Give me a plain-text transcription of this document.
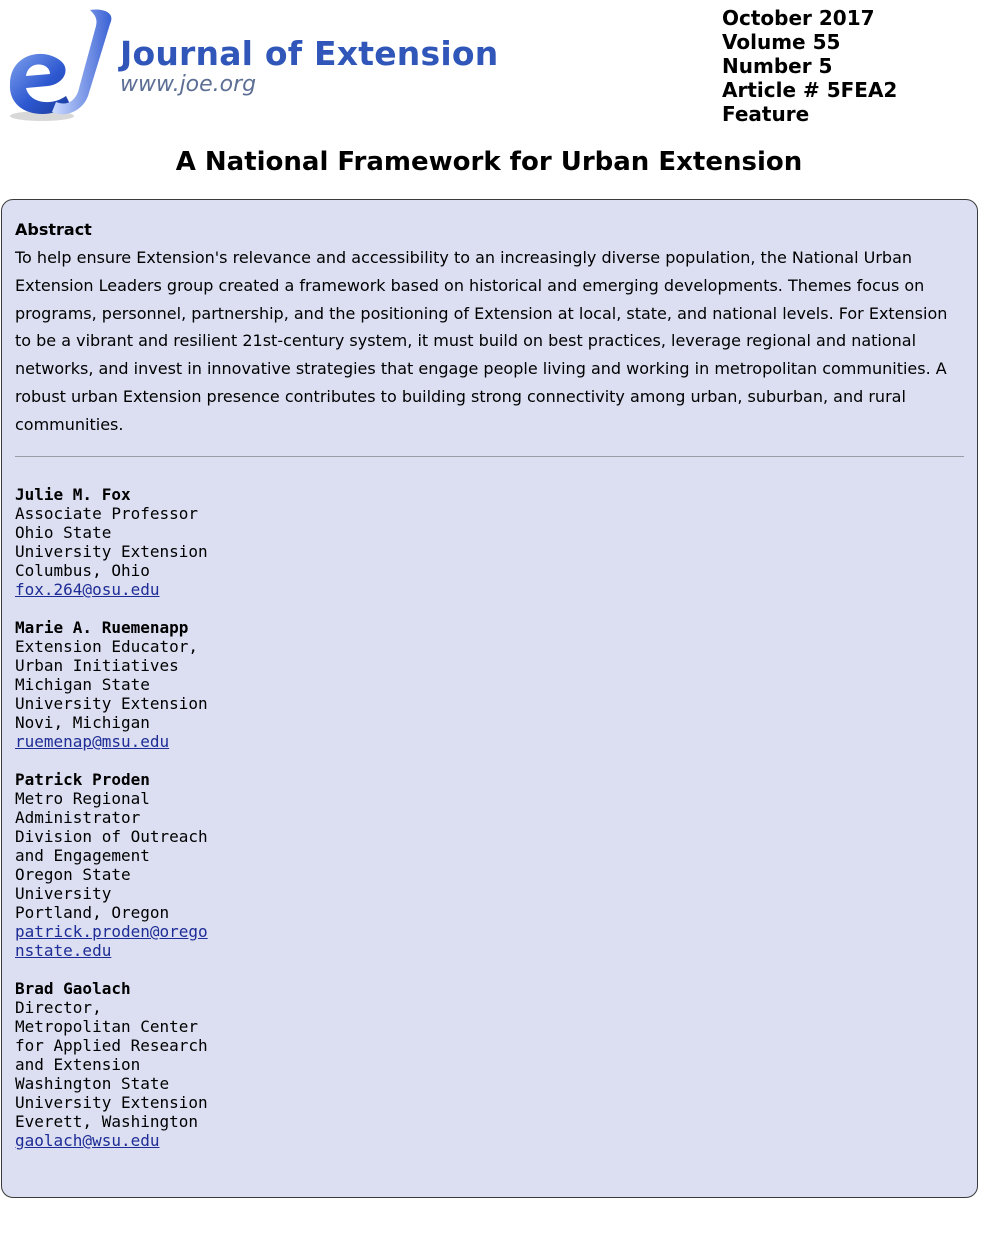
Journal of Extension
www.joe.org
October 2017
Volume 55
Number 5
Article # 5FEA2
Feature
A National Framework for Urban Extension
Abstract

To help ensure Extension's relevance and accessibility to an increasingly diverse population, the National Urban Extension Leaders group created a framework based on historical and emerging developments. Themes focus on programs, personnel, partnership, and the positioning of Extension at local, state, and national levels. For Extension to be a vibrant and resilient 21st-century system, it must build on best practices, leverage regional and national networks, and invest in innovative strategies that engage people living and working in metropolitan communities. A robust urban Extension presence contributes to building strong connectivity among urban, suburban, and rural communities.

Julie M. Fox
Associate Professor
Ohio State University Extension
Columbus, Ohio
fox.264@osu.edu
Marie A. Ruemenapp
Extension Educator, Urban Initiatives
Michigan State University Extension
Novi, Michigan
ruemenap@msu.edu
Patrick Proden
Metro Regional Administrator
Division of Outreach and Engagement Oregon State University
Portland, Oregon
patrick.proden@oregonstate.edu
Brad Gaolach
Director, Metropolitan Center for Applied Research and Extension
Washington State University Extension
Everett, Washington
gaolach@wsu.edu
